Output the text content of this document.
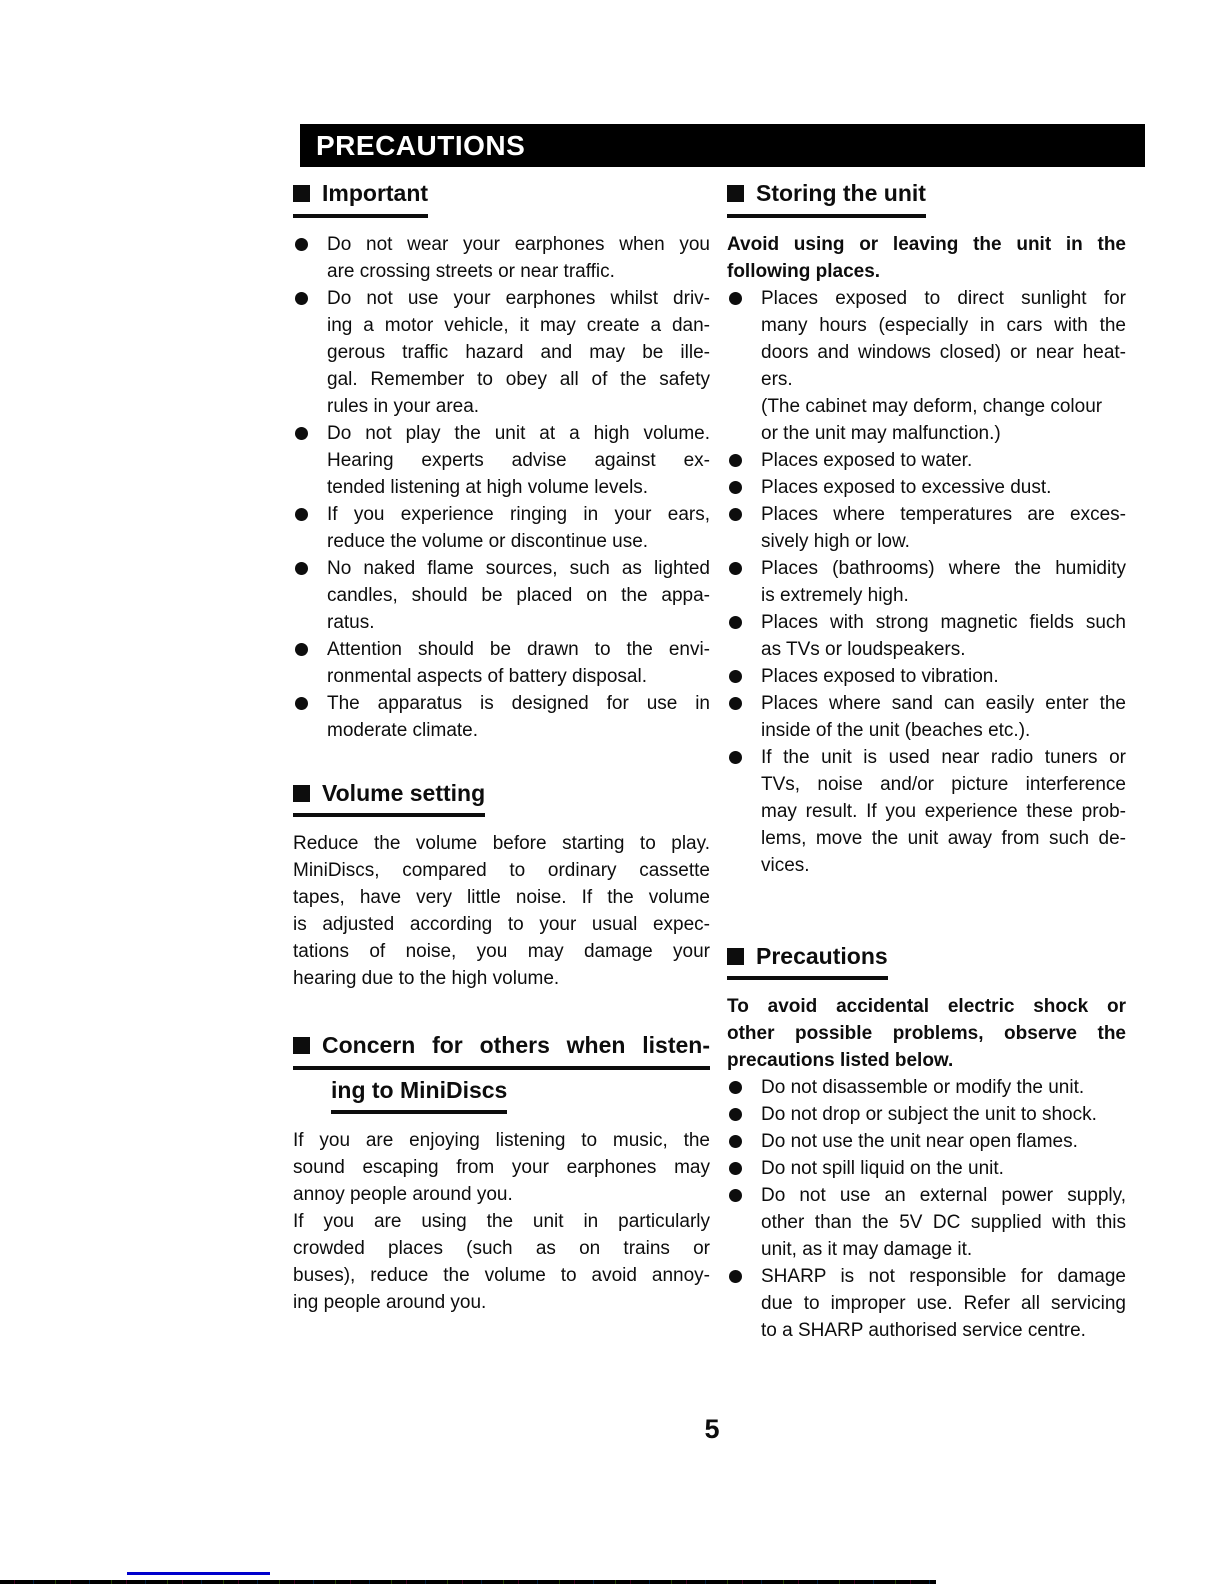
PRECAUTIONS
Important
Do not wear your earphones when you
are crossing streets or near traffic.
Do not use your earphones whilst driv-
ing a motor vehicle, it may create a dan-
gerous traffic hazard and may be ille-
gal. Remember to obey all of the safety
rules in your area.
Do not play the unit at a high volume.
Hearing experts advise against ex-
tended listening at high volume levels.
If you experience ringing in your ears,
reduce the volume or discontinue use.
No naked flame sources, such as lighted
candles, should be placed on the appa-
ratus.
Attention should be drawn to the envi-
ronmental aspects of battery disposal.
The apparatus is designed for use in
moderate climate.
Volume setting
Reduce the volume before starting to play.
MiniDiscs, compared to ordinary cassette
tapes, have very little noise. If the volume
is adjusted according to your usual expec-
tations of noise, you may damage your
hearing due to the high volume.
Concern for others when listen-
ing to MiniDiscs
If you are enjoying listening to music, the
sound escaping from your earphones may
annoy people around you.
If you are using the unit in particularly
crowded places (such as on trains or
buses), reduce the volume to avoid annoy-
ing people around you.
Storing the unit
Avoid using or leaving the unit in the
following places.
Places exposed to direct sunlight for
many hours (especially in cars with the
doors and windows closed) or near heat-
ers.
(The cabinet may deform, change colour
or the unit may malfunction.)
Places exposed to water.
Places exposed to excessive dust.
Places where temperatures are exces-
sively high or low.
Places (bathrooms) where the humidity
is extremely high.
Places with strong magnetic fields such
as TVs or loudspeakers.
Places exposed to vibration.
Places where sand can easily enter the
inside of the unit (beaches etc.).
If the unit is used near radio tuners or
TVs, noise and/or picture interference
may result. If you experience these prob-
lems, move the unit away from such de-
vices.
Precautions
To avoid accidental electric shock or
other possible problems, observe the
precautions listed below.
Do not disassemble or modify the unit.
Do not drop or subject the unit to shock.
Do not use the unit near open flames.
Do not spill liquid on the unit.
Do not use an external power supply,
other than the 5V DC supplied with this
unit, as it may damage it.
SHARP is not responsible for damage
due to improper use. Refer all servicing
to a SHARP authorised service centre.
5
